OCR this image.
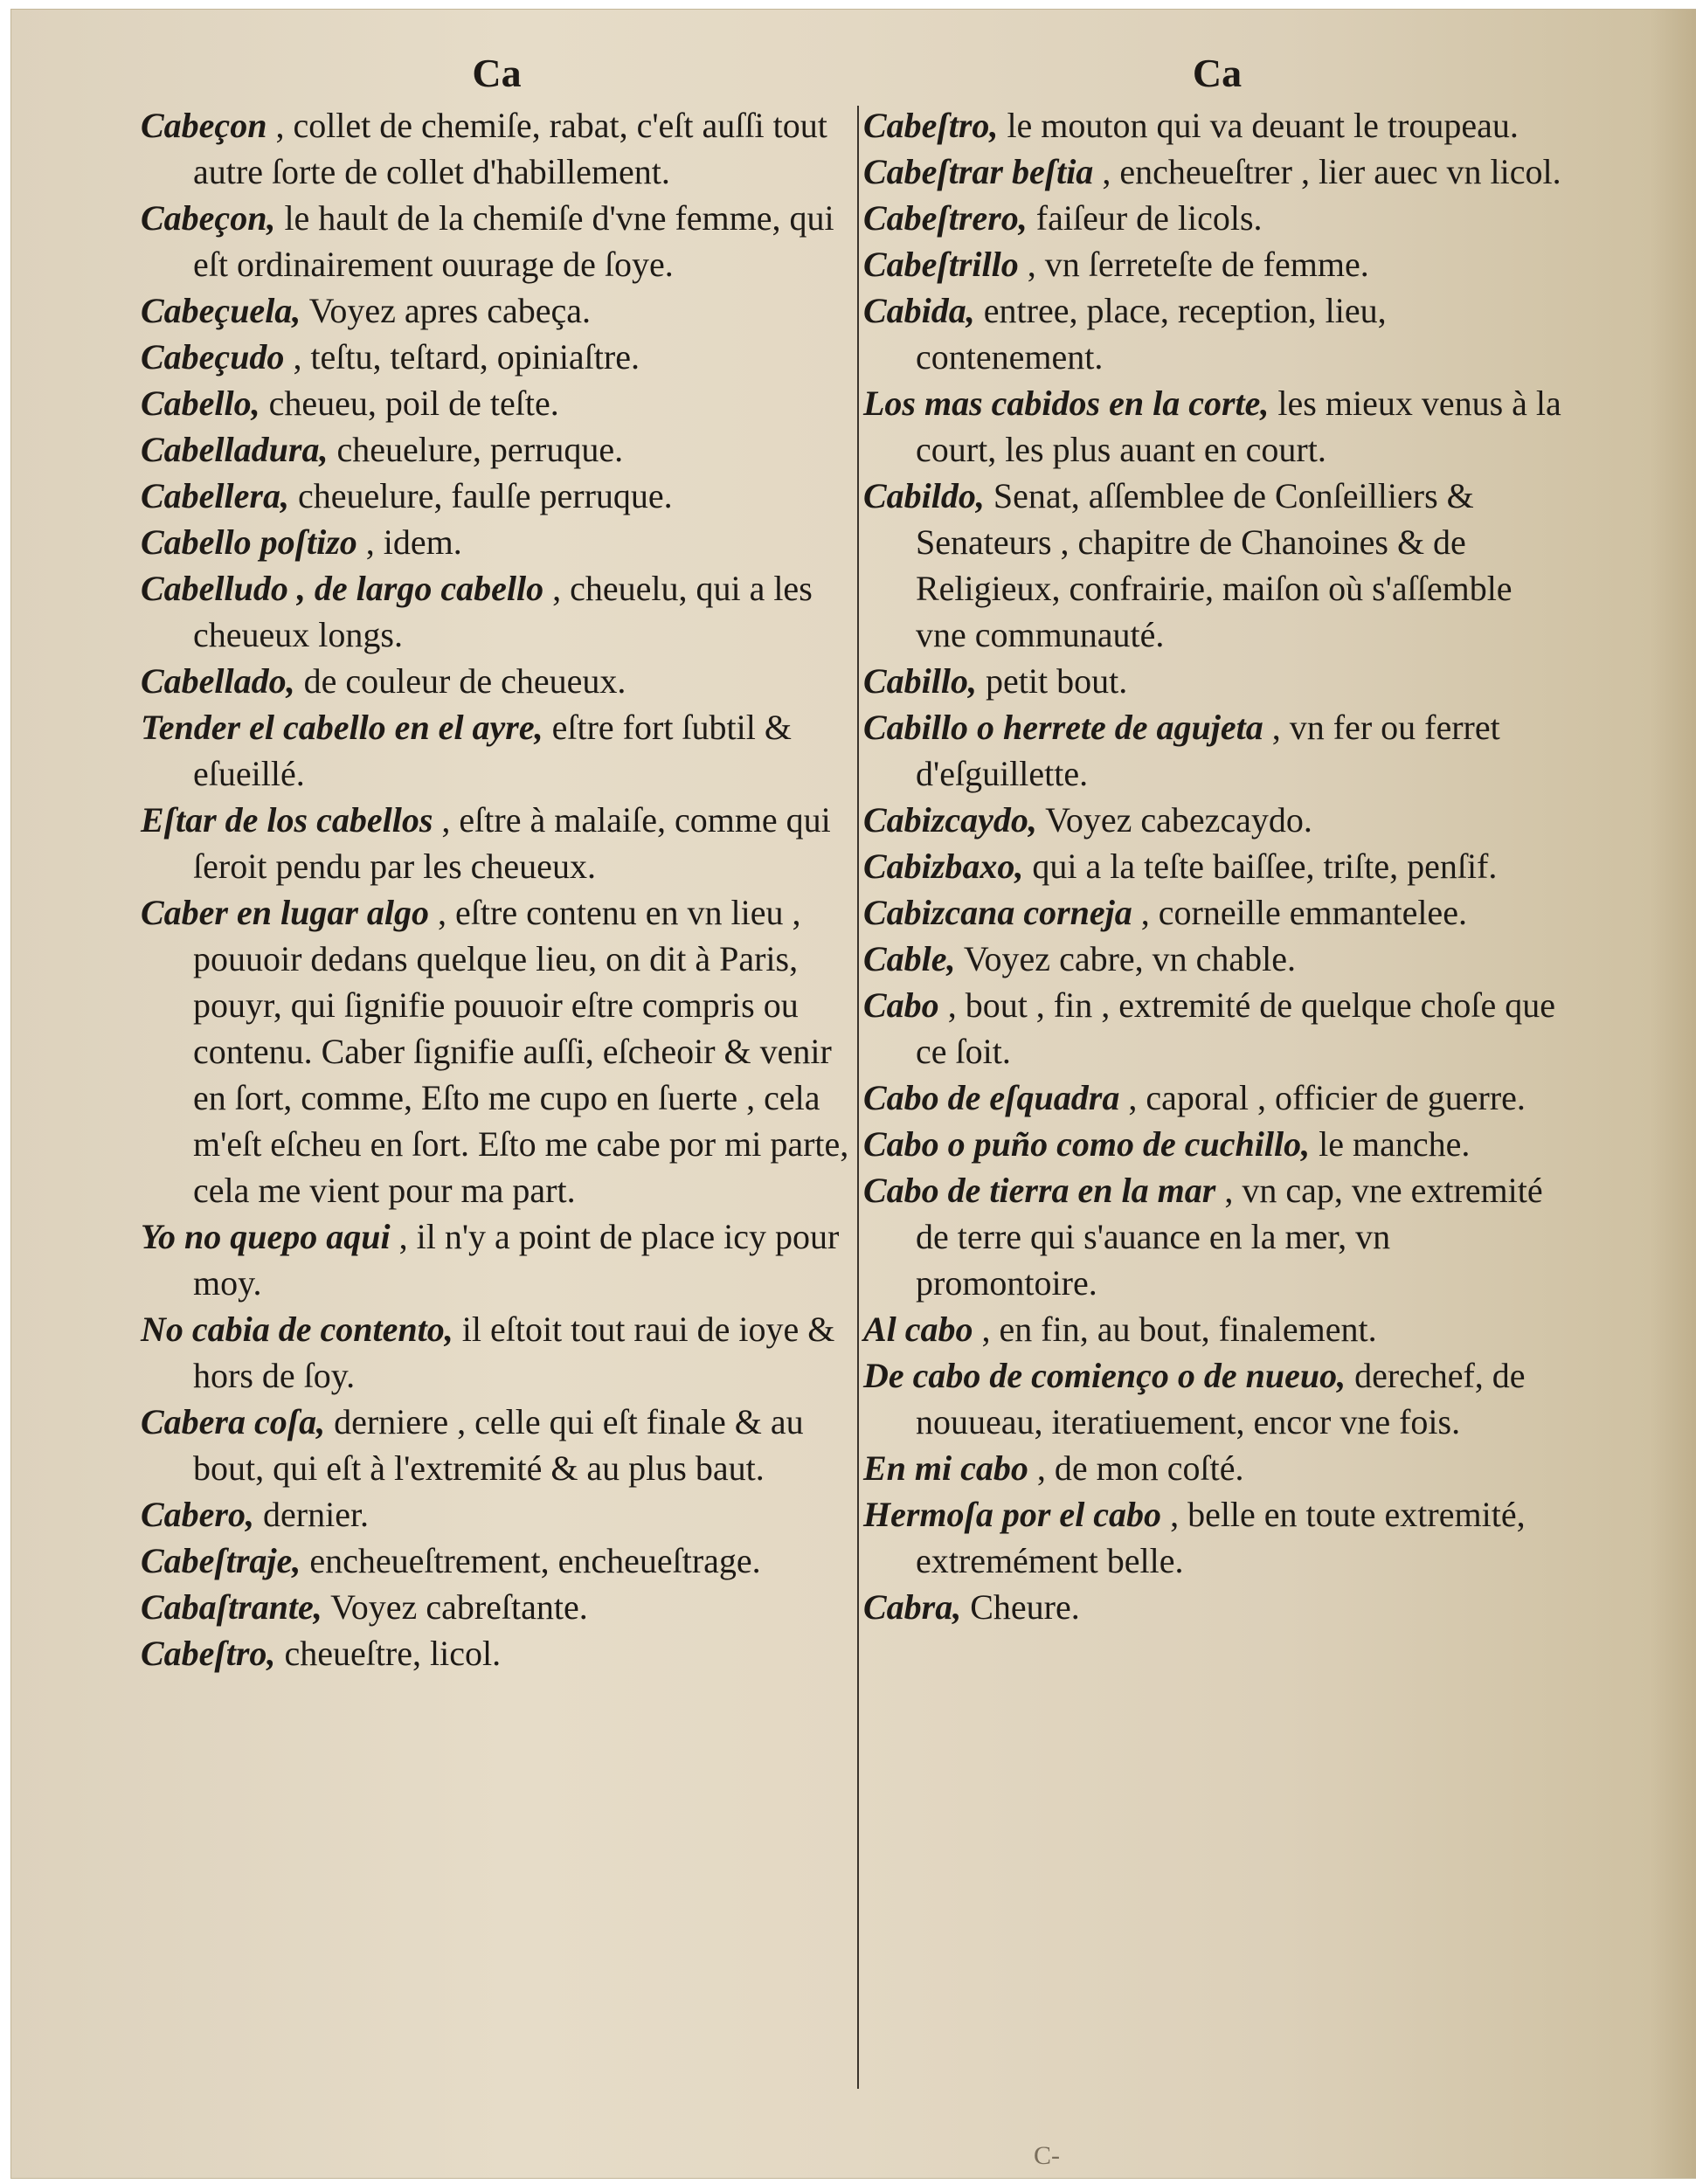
Ca
Cabeçon , collet de chemiſe, rabat, c'eſt auſſi tout autre ſorte de collet d'habillement.
Cabeçon, le hault de la chemiſe d'vne femme, qui eſt ordinairement ouurage de ſoye.
Cabeçuela, Voyez apres cabeça.
Cabeçudo , teſtu, teſtard, opiniaſtre.
Cabello, cheueu, poil de teſte.
Cabelladura, cheuelure, perruque.
Cabellera, cheuelure, faulſe perruque.
Cabello poſtizo , idem.
Cabelludo , de largo cabello , cheuelu, qui a les cheueux longs.
Cabellado, de couleur de cheueux.
Tender el cabello en el ayre, eſtre fort ſubtil & eſueillé.
Eſtar de los cabellos , eſtre à malaiſe, comme qui ſeroit pendu par les cheueux.
Caber en lugar algo , eſtre contenu en vn lieu , pouuoir dedans quelque lieu, on dit à Paris, pouyr, qui ſignifie pouuoir eſtre compris ou contenu. Caber ſignifie auſſi, eſcheoir & venir en ſort, comme, Eſto me cupo en ſuerte , cela m'eſt eſcheu en ſort. Eſto me cabe por mi parte, cela me vient pour ma part.
Yo no quepo aqui , il n'y a point de place icy pour moy.
No cabia de contento, il eſtoit tout raui de ioye & hors de ſoy.
Cabera coſa, derniere , celle qui eſt finale & au bout, qui eſt à l'extremité & au plus baut.
Cabero, dernier.
Cabeſtraje, encheueſtrement, encheueſtrage.
Cabaſtrante, Voyez cabreſtante.
Cabeſtro, cheueſtre, licol.
Ca
Cabeſtro, le mouton qui va deuant le troupeau.
Cabeſtrar beſtia , encheueſtrer , lier auec vn licol.
Cabeſtrero, faiſeur de licols.
Cabeſtrillo , vn ſerreteſte de femme.
Cabida, entree, place, reception, lieu, contenement.
Los mas cabidos en la corte, les mieux venus à la court, les plus auant en court.
Cabildo, Senat, aſſemblee de Conſeilliers & Senateurs , chapitre de Chanoines & de Religieux, confrairie, maiſon où s'aſſemble vne communauté.
Cabillo, petit bout.
Cabillo o herrete de agujeta , vn fer ou ferret d'eſguillette.
Cabizcaydo, Voyez cabezcaydo.
Cabizbaxo, qui a la teſte baiſſee, triſte, penſif.
Cabizcana corneja , corneille emmantelee.
Cable, Voyez cabre, vn chable.
Cabo , bout , fin , extremité de quelque choſe que ce ſoit.
Cabo de eſquadra , caporal , officier de guerre.
Cabo o puño como de cuchillo, le manche.
Cabo de tierra en la mar , vn cap, vne extremité de terre qui s'auance en la mer, vn promontoire.
Al cabo , en fin, au bout, finalement.
De cabo de comienço o de nueuo, derechef, de nouueau, iteratiuement, encor vne fois.
En mi cabo , de mon coſté.
Hermoſa por el cabo , belle en toute extremité, extremément belle.
Cabra, Cheure.
C-
